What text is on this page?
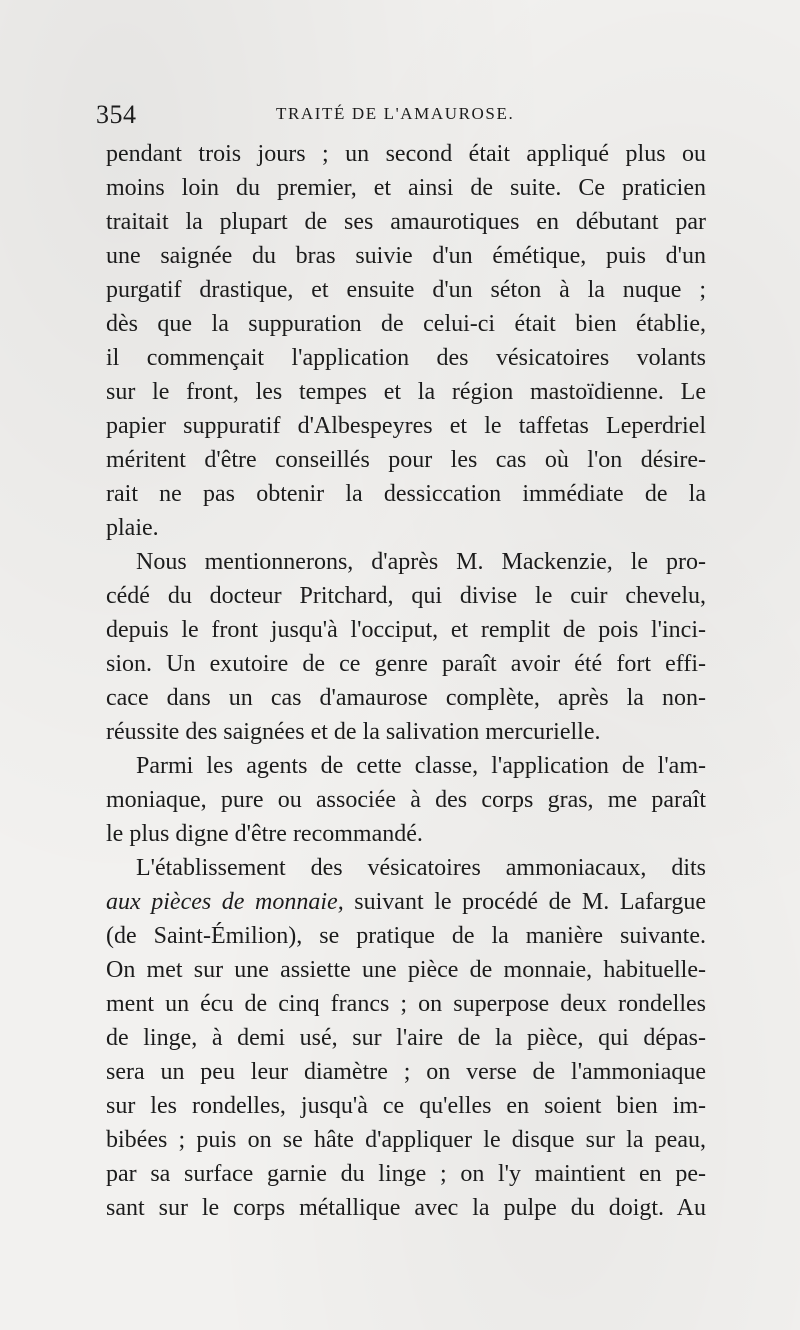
354	TRAITÉ DE L'AMAUROSE.
pendant trois jours ; un second était appliqué plus ou
moins loin du premier, et ainsi de suite. Ce praticien
traitait la plupart de ses amaurotiques en débutant par
une saignée du bras suivie d'un émétique, puis d'un
purgatif drastique, et ensuite d'un séton à la nuque ;
dès que la suppuration de celui-ci était bien établie,
il commençait l'application des vésicatoires volants
sur le front, les tempes et la région mastoïdienne. Le
papier suppuratif d'Albespeyres et le taffetas Leperdriel
méritent d'être conseillés pour les cas où l'on désire-
rait ne pas obtenir la dessiccation immédiate de la
plaie.
Nous mentionnerons, d'après M. Mackenzie, le pro-
cédé du docteur Pritchard, qui divise le cuir chevelu,
depuis le front jusqu'à l'occiput, et remplit de pois l'inci-
sion. Un exutoire de ce genre paraît avoir été fort effi-
cace dans un cas d'amaurose complète, après la non-
réussite des saignées et de la salivation mercurielle.
Parmi les agents de cette classe, l'application de l'am-
moniaque, pure ou associée à des corps gras, me paraît
le plus digne d'être recommandé.
L'établissement des vésicatoires ammoniacaux, dits
aux pièces de monnaie, suivant le procédé de M. Lafargue
(de Saint-Émilion), se pratique de la manière suivante.
On met sur une assiette une pièce de monnaie, habituelle-
ment un écu de cinq francs ; on superpose deux rondelles
de linge, à demi usé, sur l'aire de la pièce, qui dépas-
sera un peu leur diamètre ; on verse de l'ammoniaque
sur les rondelles, jusqu'à ce qu'elles en soient bien im-
bibées ; puis on se hâte d'appliquer le disque sur la peau,
par sa surface garnie du linge ; on l'y maintient en pe-
sant sur le corps métallique avec la pulpe du doigt. Au
